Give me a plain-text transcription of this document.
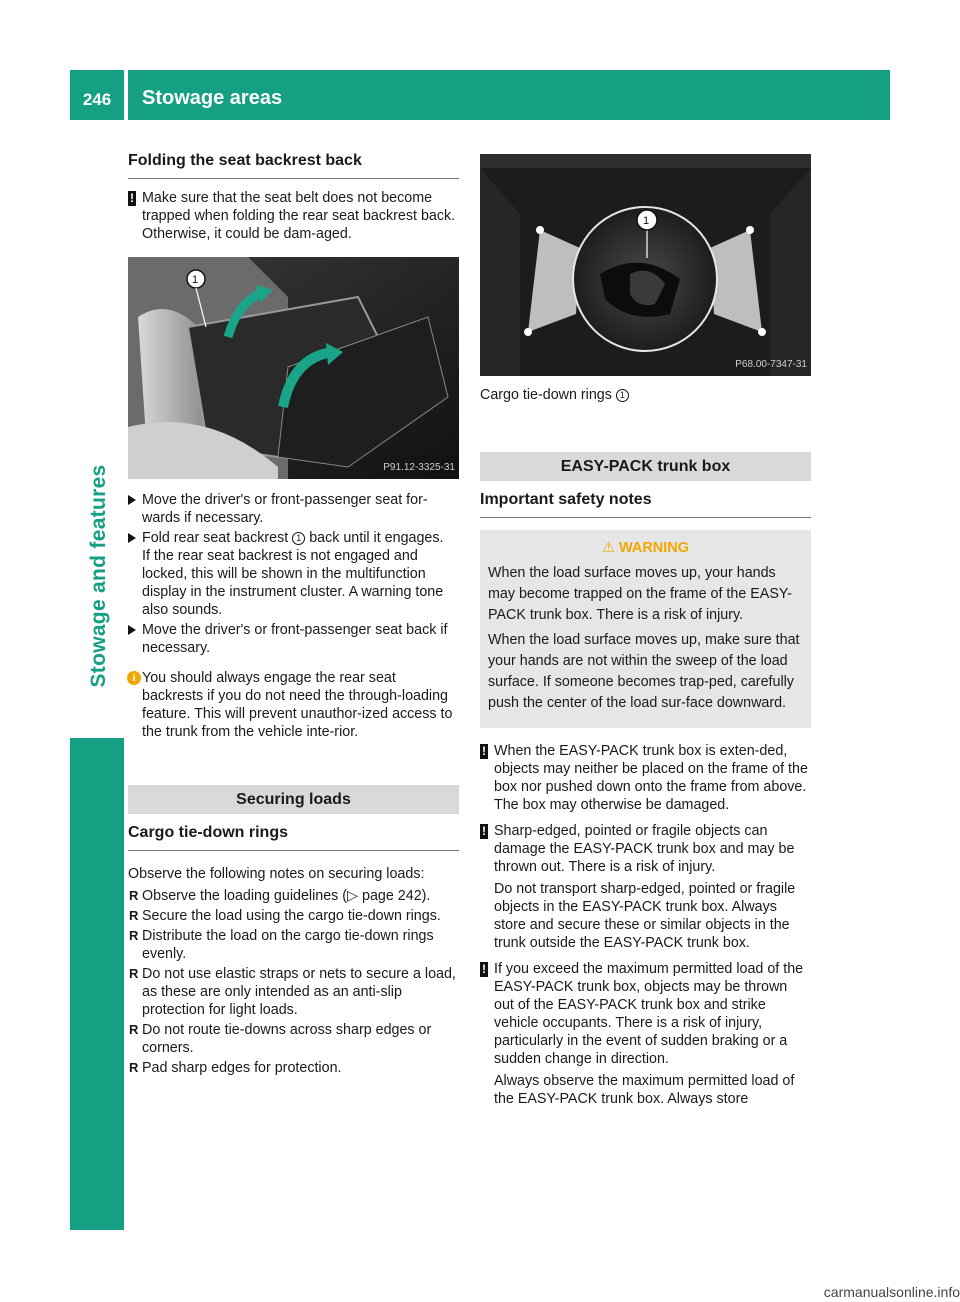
246	Stowage areas
Stowage and features
Folding the seat backrest back
! Make sure that the seat belt does not become trapped when folding the rear seat backrest back. Otherwise, it could be dam-aged.
1
P91.12-3325-31
Move the driver's or front-passenger seat for-wards if necessary.
Fold rear seat backrest 1 back until it engages.
If the rear seat backrest is not engaged and locked, this will be shown in the multifunction display in the instrument cluster. A warning tone also sounds.
Move the driver's or front-passenger seat back if necessary.
i You should always engage the rear seat backrests if you do not need the through-loading feature. This will prevent unauthor-ized access to the trunk from the vehicle inte-rior.
Securing loads
Cargo tie-down rings
Observe the following notes on securing loads:
R Observe the loading guidelines (▷ page 242).
R Secure the load using the cargo tie-down rings.
R Distribute the load on the cargo tie-down rings evenly.
R Do not use elastic straps or nets to secure a load, as these are only intended as an anti-slip protection for light loads.
R Do not route tie-downs across sharp edges or corners.
R Pad sharp edges for protection.
1
P68.00-7347-31
Cargo tie-down rings 1
EASY-PACK trunk box
Important safety notes
⚠ WARNING

When the load surface moves up, your hands may become trapped on the frame of the EASY-PACK trunk box. There is a risk of injury.

When the load surface moves up, make sure that your hands are not within the sweep of the load surface. If someone becomes trap-ped, carefully push the center of the load sur-face downward.

! When the EASY-PACK trunk box is exten-ded, objects may neither be placed on the frame of the box nor pushed down onto the frame from above. The box may otherwise be damaged.
! Sharp-edged, pointed or fragile objects can damage the EASY-PACK trunk box and may be thrown out. There is a risk of injury.
Do not transport sharp-edged, pointed or fragile objects in the EASY-PACK trunk box. Always store and secure these or similar objects in the trunk outside the EASY-PACK trunk box.
! If you exceed the maximum permitted load of the EASY-PACK trunk box, objects may be thrown out of the EASY-PACK trunk box and strike vehicle occupants. There is a risk of injury, particularly in the event of sudden braking or a sudden change in direction.
Always observe the maximum permitted load of the EASY-PACK trunk box. Always store
carmanualsonline.info
